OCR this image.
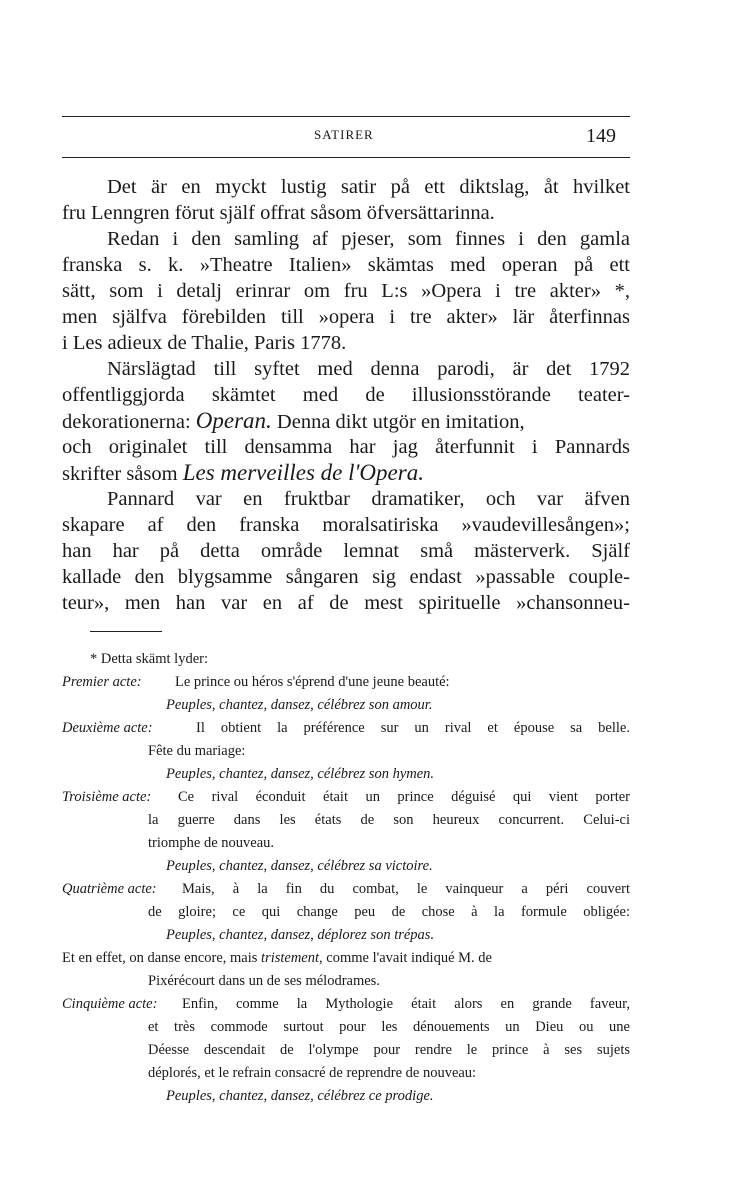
SATIRER	149
Det är en myckt lustig satir på ett diktslag, åt hvilket
fru Lenngren förut själf offrat såsom öfversättarinna.
Redan i den samling af pjeser, som finnes i den gamla
franska s. k. »Theatre Italien» skämtas med operan på ett
sätt, som i detalj erinrar om fru L:s »Opera i tre akter» *,
men själfva förebilden till »opera i tre akter» lär återfinnas
i Les adieux de Thalie, Paris 1778.
Närslägtad till syftet med denna parodi, är det 1792
offentliggjorda skämtet med de illusionsstörande teater-
dekorationerna: Operan. Denna dikt utgör en imitation,
och originalet till densamma har jag återfunnit i Pannards
skrifter såsom Les merveilles de l'Opera.
Pannard var en fruktbar dramatiker, och var äfven
skapare af den franska moralsatiriska »vaudevillesången»;
han har på detta område lemnat små mästerverk. Själf
kallade den blygsamme sångaren sig endast »passable couple-
teur», men han var en af de mest spirituelle »chansonneu-
* Detta skämt lyder:
Premier acte: Le prince ou héros s'éprend d'une jeune beauté:
Peuples, chantez, dansez, célébrez son amour.
Deuxième acte:	Il obtient la préférence sur un rival et épouse sa belle.
Fête du mariage:
Peuples, chantez, dansez, célébrez son hymen.
Troisième acte: Ce rival éconduit était un prince déguisé qui vient porter
la guerre dans les états de son heureux concurrent. Celui-ci
triomphe de nouveau.
Peuples, chantez, dansez, célébrez sa victoire.
Quatrième acte: Mais, à la fin du combat, le vainqueur a péri couvert
de gloire; ce qui change peu de chose à la formule obligée:
Peuples, chantez, dansez, déplorez son trépas.
Et en effet, on danse encore, mais tristement, comme l'avait indiqué M. de
Pixérécourt dans un de ses mélodrames.
Cinquième acte: Enfin, comme la Mythologie était alors en grande faveur,
et très commode surtout pour les dénouements un Dieu ou une
Déesse descendait de l'olympe pour rendre le prince à ses sujets
déplorés, et le refrain consacré de reprendre de nouveau:
Peuples, chantez, dansez, célébrez ce prodige.
